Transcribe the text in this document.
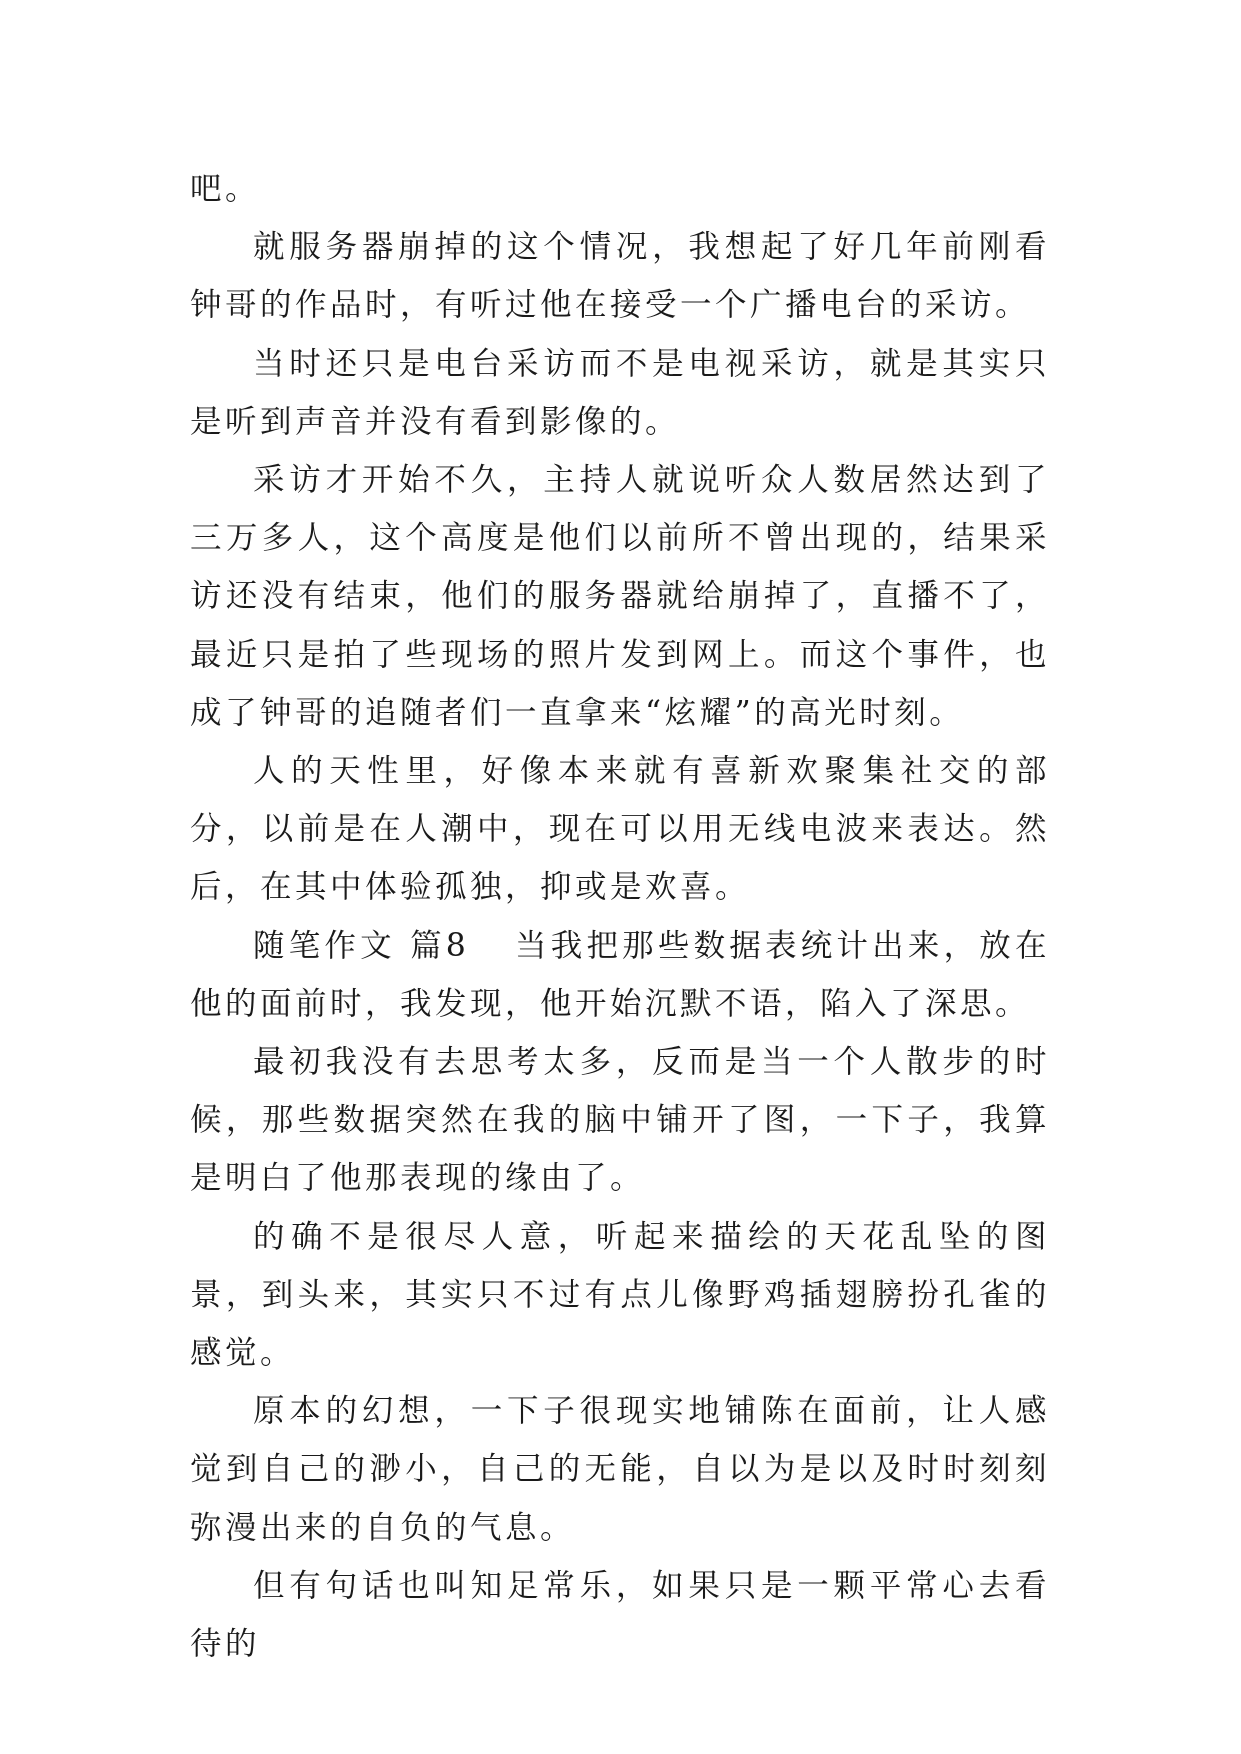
吧。

就服务器崩掉的这个情况，我想起了好几年前刚看钟哥的作品时，有听过他在接受一个广播电台的采访。

当时还只是电台采访而不是电视采访，就是其实只是听到声音并没有看到影像的。

采访才开始不久，主持人就说听众人数居然达到了三万多人，这个高度是他们以前所不曾出现的，结果采访还没有结束，他们的服务器就给崩掉了，直播不了，最近只是拍了些现场的照片发到网上。而这个事件，也成了钟哥的追随者们一直拿来“炫耀”的高光时刻。

人的天性里，好像本来就有喜新欢聚集社交的部分，以前是在人潮中，现在可以用无线电波来表达。然后，在其中体验孤独，抑或是欢喜。

随笔作文 篇8 当我把那些数据表统计出来，放在他的面前时，我发现，他开始沉默不语，陷入了深思。

最初我没有去思考太多，反而是当一个人散步的时候，那些数据突然在我的脑中铺开了图，一下子，我算是明白了他那表现的缘由了。

的确不是很尽人意，听起来描绘的天花乱坠的图景，到头来，其实只不过有点儿像野鸡插翅膀扮孔雀的感觉。

原本的幻想，一下子很现实地铺陈在面前，让人感觉到自己的渺小，自己的无能，自以为是以及时时刻刻弥漫出来的自负的气息。

但有句话也叫知足常乐，如果只是一颗平常心去看待的
